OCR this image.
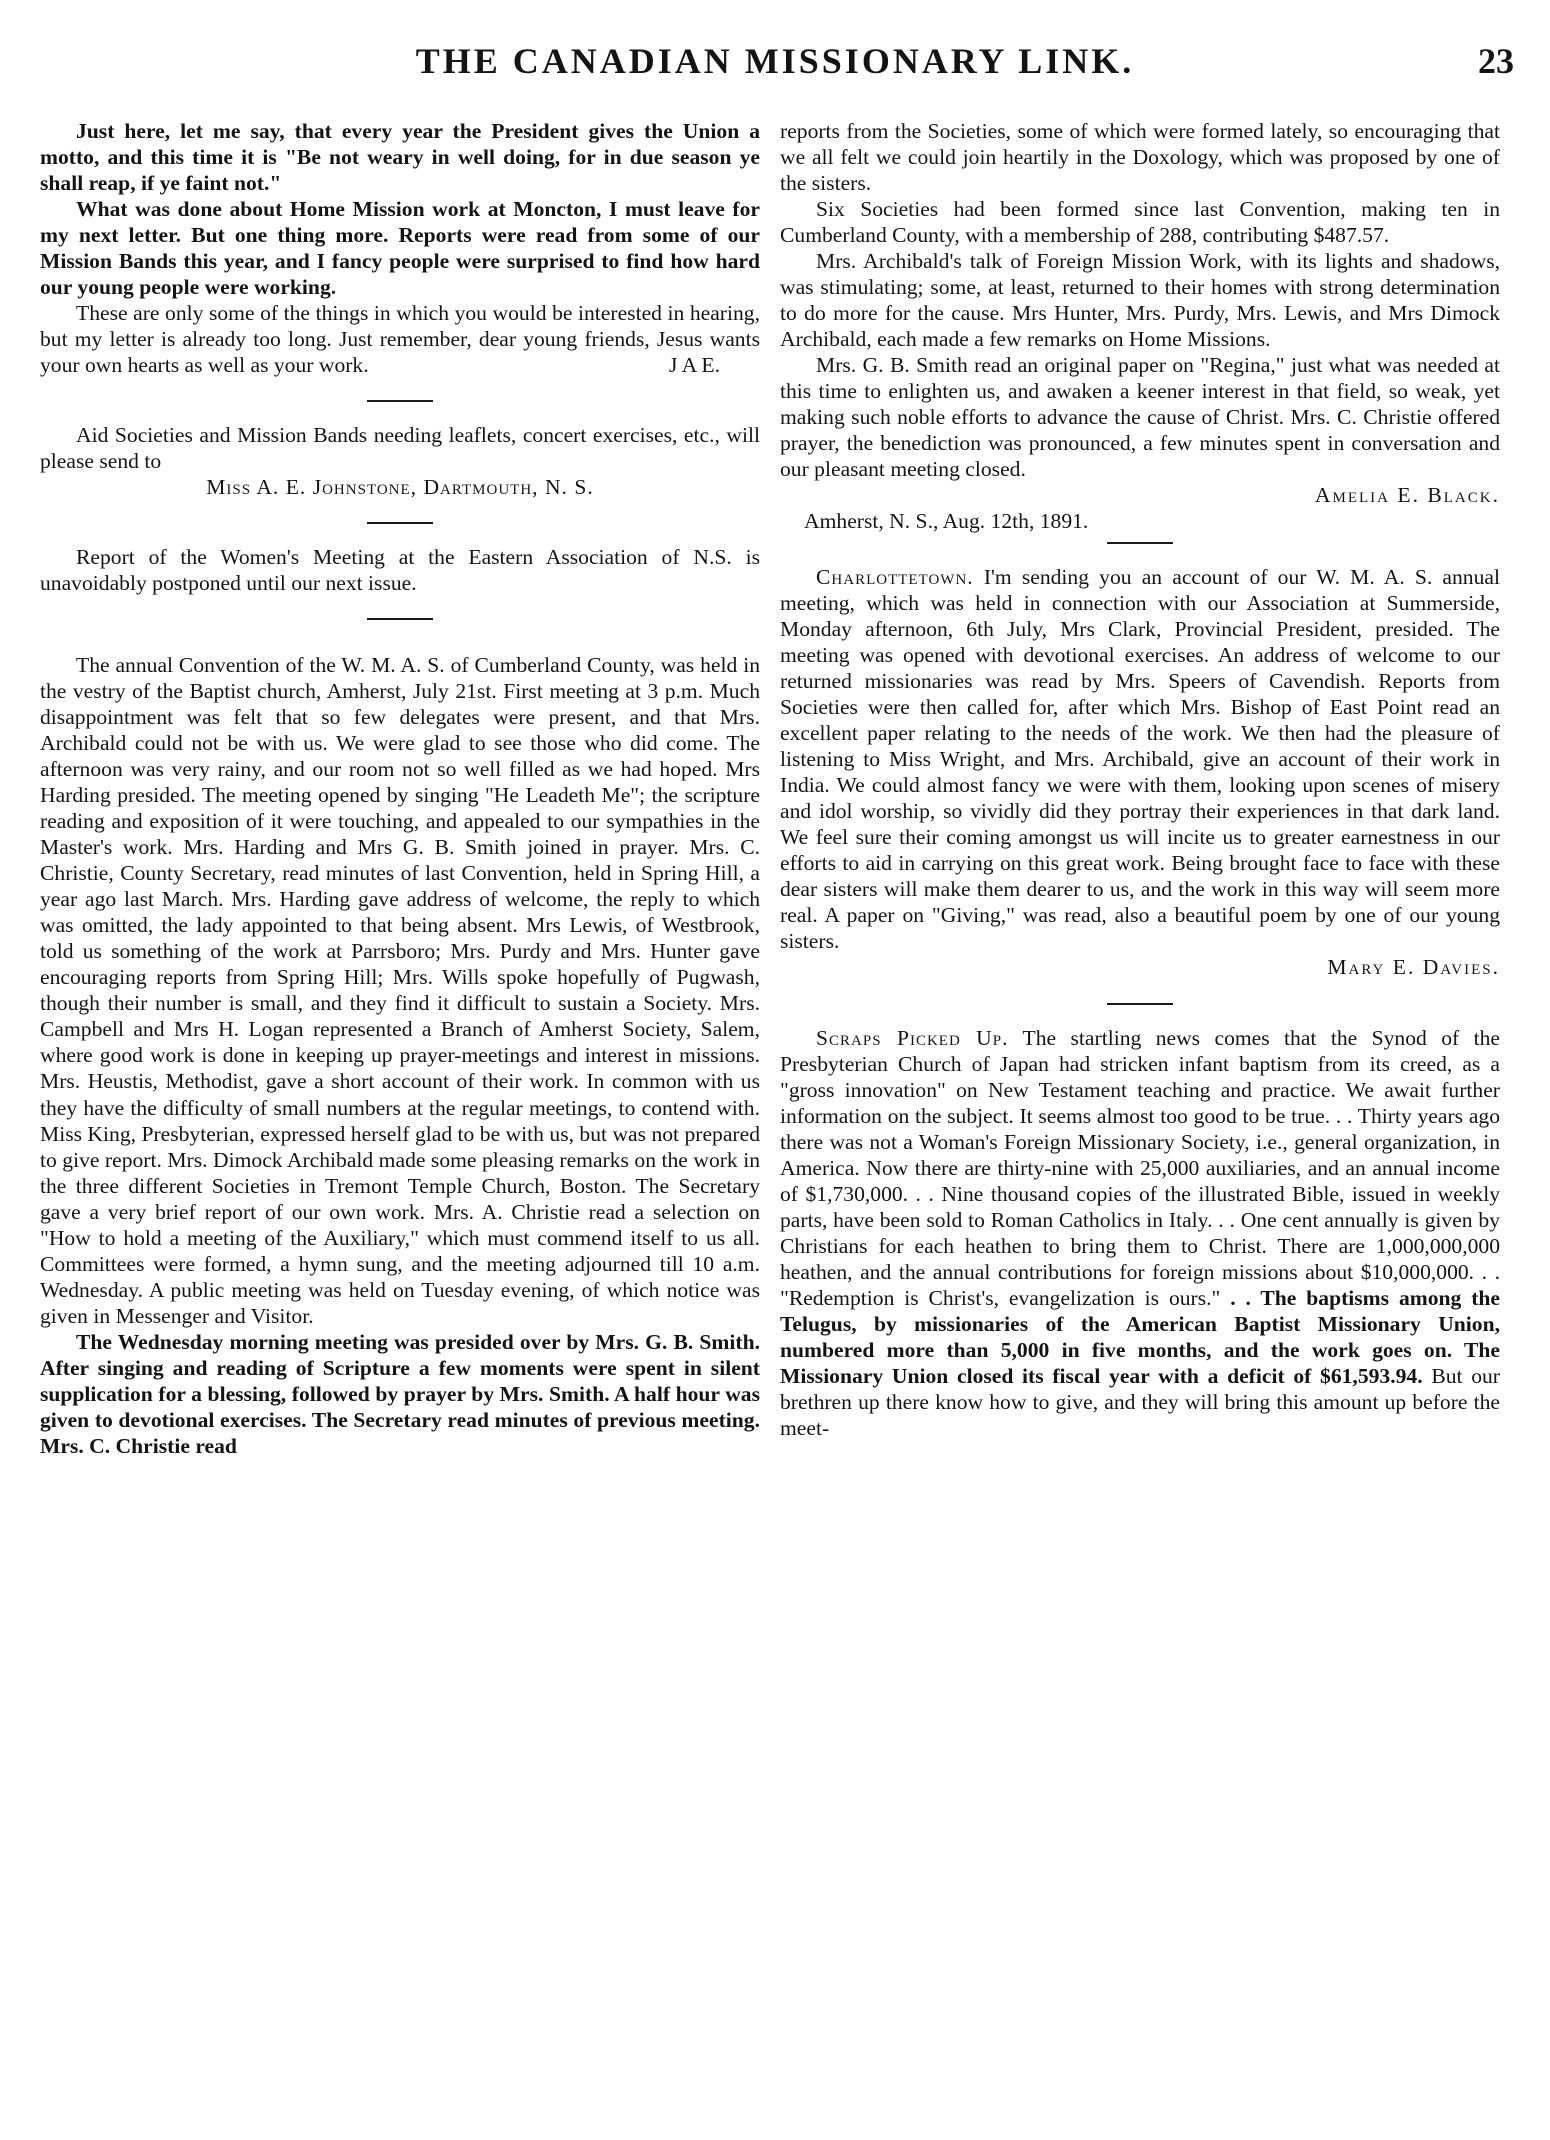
THE CANADIAN MISSIONARY LINK.	23

Just here, let me say, that every year the President gives the Union a motto, and this time it is "Be not weary in well doing, for in due season ye shall reap, if ye faint not."

What was done about Home Mission work at Moncton, I must leave for my next letter. But one thing more. Reports were read from some of our Mission Bands this year, and I fancy people were surprised to find how hard our young people were working.

These are only some of the things in which you would be interested in hearing, but my letter is already too long. Just remember, dear young friends, Jesus wants your own hearts as well as your work.	J A E.

Aid Societies and Mission Bands needing leaflets, concert exercises, etc., will please send to

Miss A. E. Johnstone, Dartmouth, N. S.

Report of the Women's Meeting at the Eastern Association of N.S. is unavoidably postponed until our next issue.

The annual Convention of the W. M. A. S. of Cumberland County, was held in the vestry of the Baptist church, Amherst, July 21st. First meeting at 3 p.m. Much disappointment was felt that so few delegates were present, and that Mrs. Archibald could not be with us. We were glad to see those who did come. The afternoon was very rainy, and our room not so well filled as we had hoped. Mrs Harding presided. The meeting opened by singing "He Leadeth Me"; the scripture reading and exposition of it were touching, and appealed to our sympathies in the Master's work. Mrs. Harding and Mrs G. B. Smith joined in prayer. Mrs. C. Christie, County Secretary, read minutes of last Convention, held in Spring Hill, a year ago last March. Mrs. Harding gave address of welcome, the reply to which was omitted, the lady appointed to that being absent. Mrs Lewis, of Westbrook, told us something of the work at Parrsboro; Mrs. Purdy and Mrs. Hunter gave encouraging reports from Spring Hill; Mrs. Wills spoke hopefully of Pugwash, though their number is small, and they find it difficult to sustain a Society. Mrs. Campbell and Mrs H. Logan represented a Branch of Amherst Society, Salem, where good work is done in keeping up prayer-meetings and interest in missions. Mrs. Heustis, Methodist, gave a short account of their work. In common with us they have the difficulty of small numbers at the regular meetings, to contend with. Miss King, Presbyterian, expressed herself glad to be with us, but was not prepared to give report. Mrs. Dimock Archibald made some pleasing remarks on the work in the three different Societies in Tremont Temple Church, Boston. The Secretary gave a very brief report of our own work. Mrs. A. Christie read a selection on "How to hold a meeting of the Auxiliary," which must commend itself to us all. Committees were formed, a hymn sung, and the meeting adjourned till 10 a.m. Wednesday. A public meeting was held on Tuesday evening, of which notice was given in Messenger and Visitor.

The Wednesday morning meeting was presided over by Mrs. G. B. Smith. After singing and reading of Scripture a few moments were spent in silent supplication for a blessing, followed by prayer by Mrs. Smith. A half hour was given to devotional exercises. The Secretary read minutes of previous meeting. Mrs. C. Christie read

reports from the Societies, some of which were formed lately, so encouraging that we all felt we could join heartily in the Doxology, which was proposed by one of the sisters.

Six Societies had been formed since last Convention, making ten in Cumberland County, with a membership of 288, contributing $487.57.

Mrs. Archibald's talk of Foreign Mission Work, with its lights and shadows, was stimulating; some, at least, returned to their homes with strong determination to do more for the cause. Mrs Hunter, Mrs. Purdy, Mrs. Lewis, and Mrs Dimock Archibald, each made a few remarks on Home Missions.

Mrs. G. B. Smith read an original paper on "Regina," just what was needed at this time to enlighten us, and awaken a keener interest in that field, so weak, yet making such noble efforts to advance the cause of Christ. Mrs. C. Christie offered prayer, the benediction was pronounced, a few minutes spent in conversation and our pleasant meeting closed.

Amelia E. Black.

Amherst, N. S., Aug. 12th, 1891.

Charlottetown. I'm sending you an account of our W. M. A. S. annual meeting, which was held in connection with our Association at Summerside, Monday afternoon, 6th July, Mrs Clark, Provincial President, presided. The meeting was opened with devotional exercises. An address of welcome to our returned missionaries was read by Mrs. Speers of Cavendish. Reports from Societies were then called for, after which Mrs. Bishop of East Point read an excellent paper relating to the needs of the work. We then had the pleasure of listening to Miss Wright, and Mrs. Archibald, give an account of their work in India. We could almost fancy we were with them, looking upon scenes of misery and idol worship, so vividly did they portray their experiences in that dark land. We feel sure their coming amongst us will incite us to greater earnestness in our efforts to aid in carrying on this great work. Being brought face to face with these dear sisters will make them dearer to us, and the work in this way will seem more real. A paper on "Giving," was read, also a beautiful poem by one of our young sisters.

Mary E. Davies.

Scraps Picked Up. The startling news comes that the Synod of the Presbyterian Church of Japan had stricken infant baptism from its creed, as a "gross innovation" on New Testament teaching and practice. We await further information on the subject. It seems almost too good to be true. . . Thirty years ago there was not a Woman's Foreign Missionary Society, i.e., general organization, in America. Now there are thirty-nine with 25,000 auxiliaries, and an annual income of $1,730,000. . . Nine thousand copies of the illustrated Bible, issued in weekly parts, have been sold to Roman Catholics in Italy. . . One cent annually is given by Christians for each heathen to bring them to Christ. There are 1,000,000,000 heathen, and the annual contributions for foreign missions about $10,000,000. . . "Redemption is Christ's, evangelization is ours." . . The baptisms among the Telugus, by missionaries of the American Baptist Missionary Union, numbered more than 5,000 in five months, and the work goes on. The Missionary Union closed its fiscal year with a deficit of $61,593.94. But our brethren up there know how to give, and they will bring this amount up before the meet-
